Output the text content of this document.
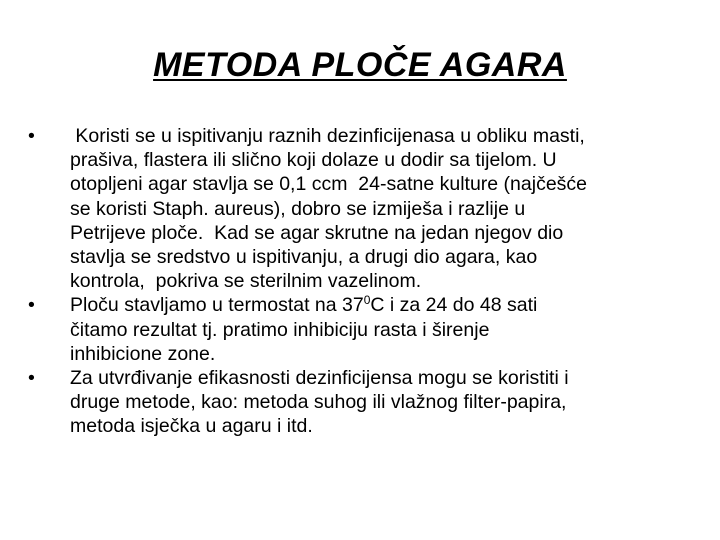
METODA PLOČE AGARA
•	Koristi se u ispitivanju raznih dezinficijenasa u obliku masti,
prašiva, flastera ili slično koji dolaze u dodir sa tijelom. U
otopljeni agar stavlja se 0,1 ccm  24-satne kulture (najčešće
se koristi Staph. aureus), dobro se izmiješa i razlije u
Petrijeve ploče.  Kad se agar skrutne na jedan njegov dio
stavlja se sredstvo u ispitivanju, a drugi dio agara, kao
kontrola,  pokriva se sterilnim vazelinom.
•	Ploču stavljamo u termostat na $37^0C$ i za 24 do 48 sati
čitamo rezultat tj. pratimo inhibiciju rasta i širenje
inhibicione zone.
•	Za utvrđivanje efikasnosti dezinficijensa mogu se koristiti i
druge metode, kao: metoda suhog ili vlažnog filter-papira,
metoda isječka u agaru i itd.
